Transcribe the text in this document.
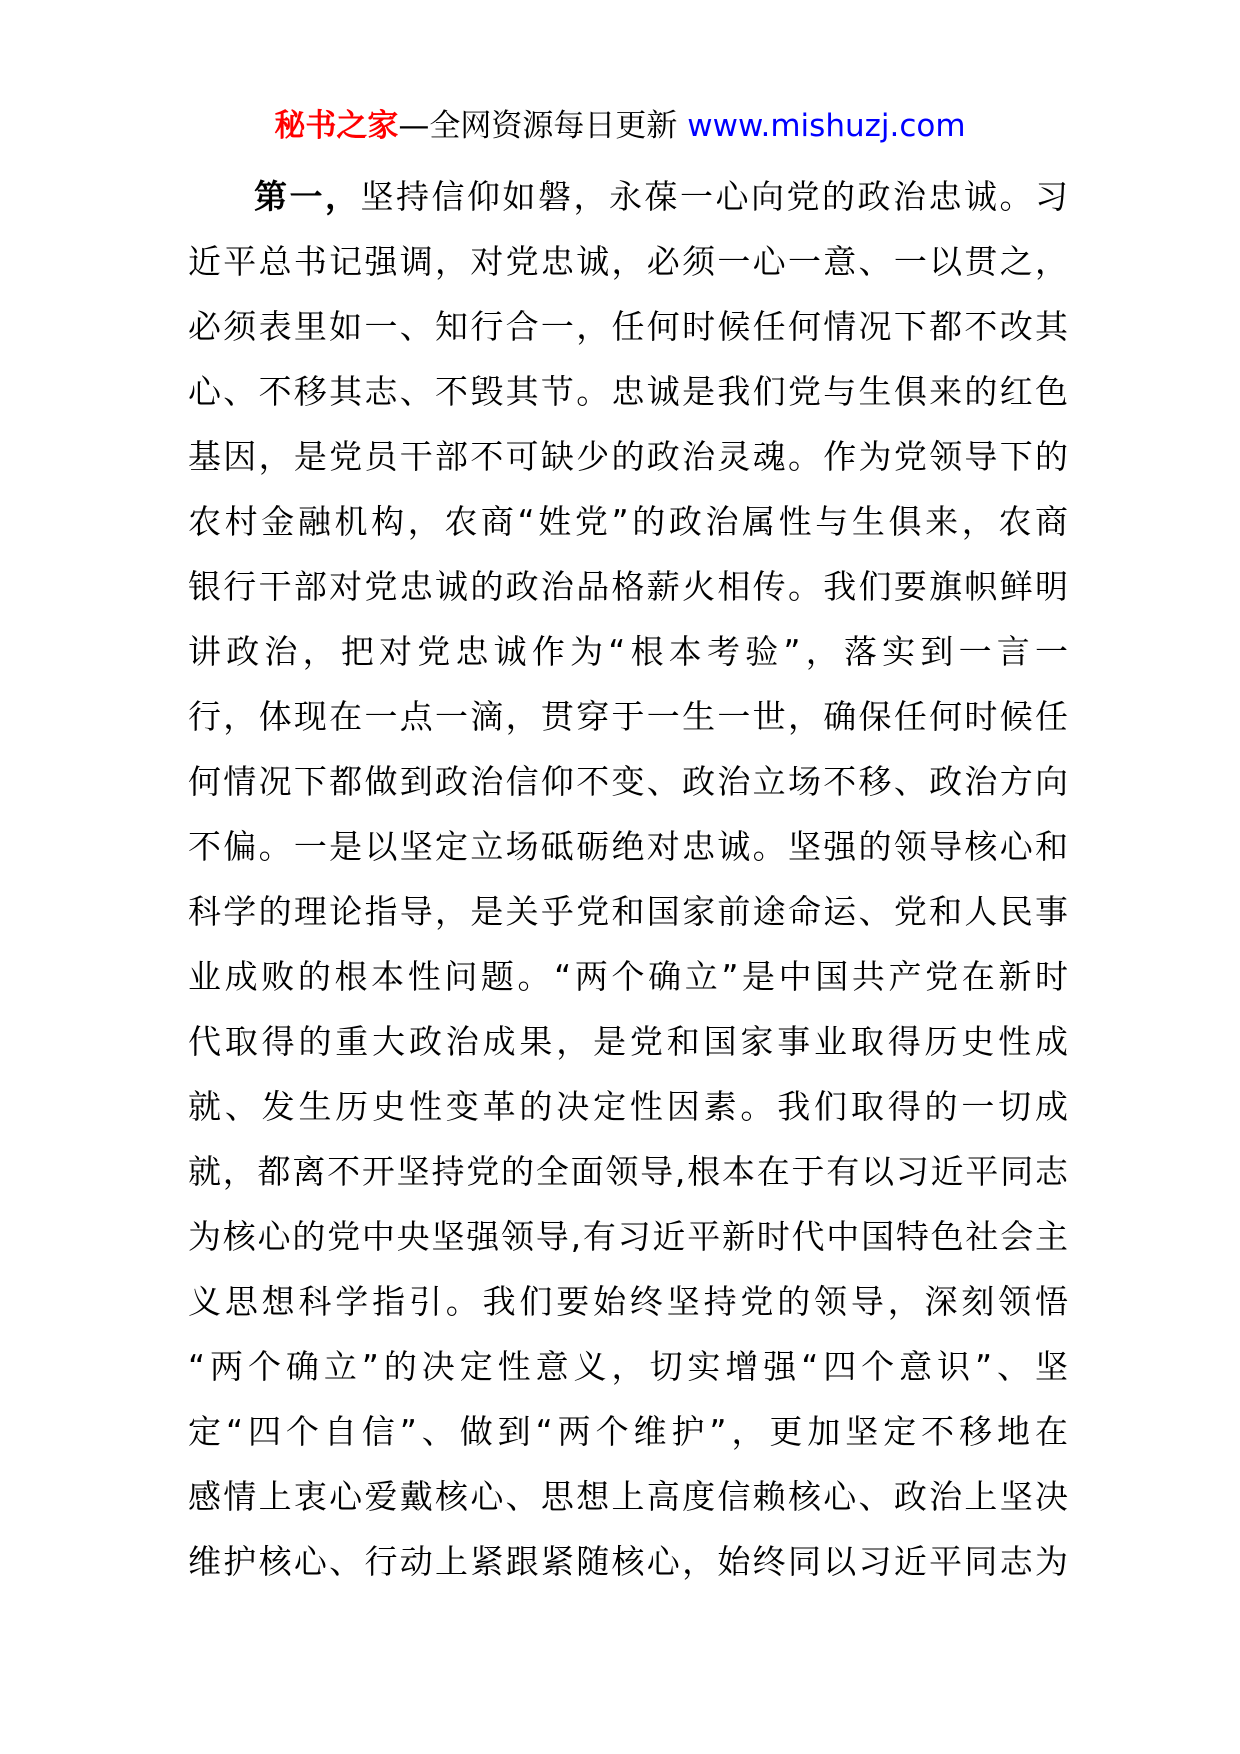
秘书之家—全网资源每日更新 www.mishuzj.com
第一，坚持信仰如磐，永葆一心向党的政治忠诚。习
近平总书记强调，对党忠诚，必须一心一意、一以贯之，
必须表里如一、知行合一，任何时候任何情况下都不改其
心、不移其志、不毁其节。忠诚是我们党与生俱来的红色
基因，是党员干部不可缺少的政治灵魂。作为党领导下的
农村金融机构，农商“姓党”的政治属性与生俱来，农商
银行干部对党忠诚的政治品格薪火相传。我们要旗帜鲜明
讲政治，把对党忠诚作为“根本考验”，落实到一言一
行，体现在一点一滴，贯穿于一生一世，确保任何时候任
何情况下都做到政治信仰不变、政治立场不移、政治方向
不偏。一是以坚定立场砥砺绝对忠诚。坚强的领导核心和
科学的理论指导，是关乎党和国家前途命运、党和人民事
业成败的根本性问题。“两个确立”是中国共产党在新时
代取得的重大政治成果，是党和国家事业取得历史性成
就、发生历史性变革的决定性因素。我们取得的一切成
就，都离不开坚持党的全面领导,根本在于有以习近平同志
为核心的党中央坚强领导,有习近平新时代中国特色社会主
义思想科学指引。我们要始终坚持党的领导，深刻领悟
“两个确立”的决定性意义，切实增强“四个意识”、坚
定“四个自信”、做到“两个维护”，更加坚定不移地在
感情上衷心爱戴核心、思想上高度信赖核心、政治上坚决
维护核心、行动上紧跟紧随核心，始终同以习近平同志为
